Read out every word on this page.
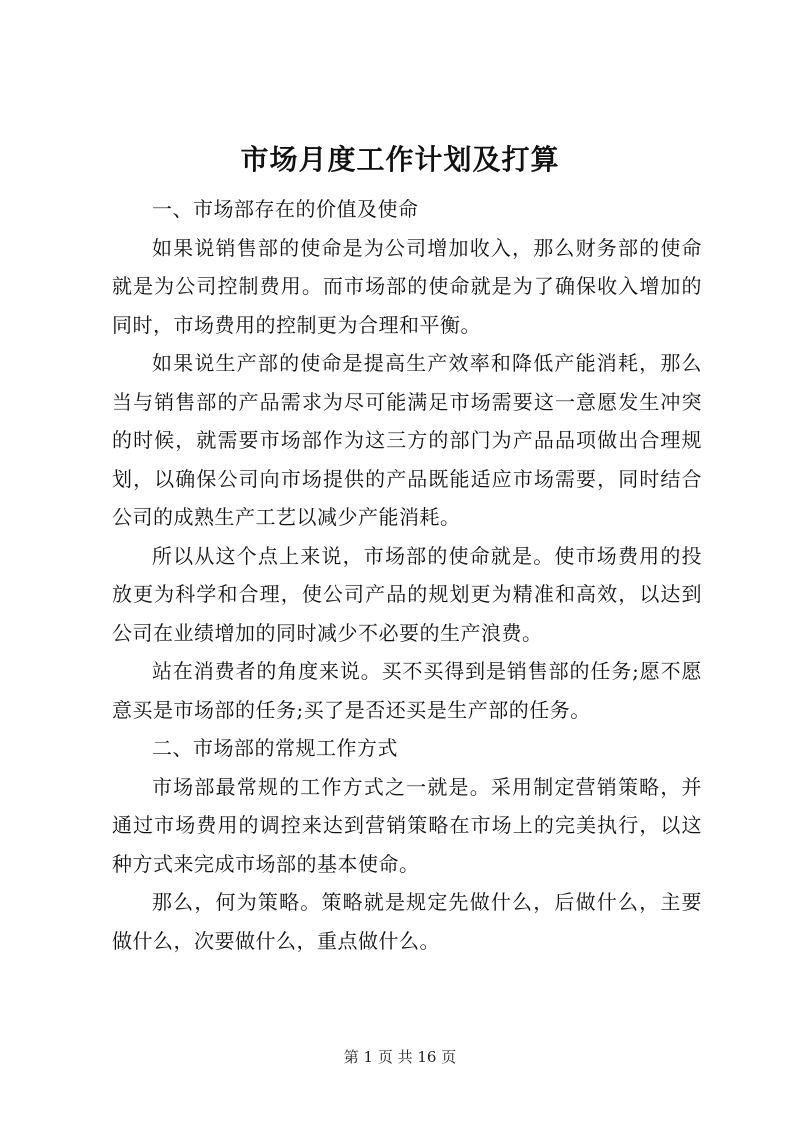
市场月度工作计划及打算

一、市场部存在的价值及使命

如果说销售部的使命是为公司增加收入，那么财务部的使命就是为公司控制费用。而市场部的使命就是为了确保收入增加的同时，市场费用的控制更为合理和平衡。

如果说生产部的使命是提高生产效率和降低产能消耗，那么当与销售部的产品需求为尽可能满足市场需要这一意愿发生冲突的时候，就需要市场部作为这三方的部门为产品品项做出合理规划，以确保公司向市场提供的产品既能适应市场需要，同时结合公司的成熟生产工艺以减少产能消耗。

所以从这个点上来说，市场部的使命就是。使市场费用的投放更为科学和合理，使公司产品的规划更为精准和高效，以达到公司在业绩增加的同时减少不必要的生产浪费。

站在消费者的角度来说。买不买得到是销售部的任务;愿不愿意买是市场部的任务;买了是否还买是生产部的任务。

二、市场部的常规工作方式

市场部最常规的工作方式之一就是。采用制定营销策略，并通过市场费用的调控来达到营销策略在市场上的完美执行，以这种方式来完成市场部的基本使命。

那么，何为策略。策略就是规定先做什么，后做什么，主要做什么，次要做什么，重点做什么。

第 1 页 共 16 页
